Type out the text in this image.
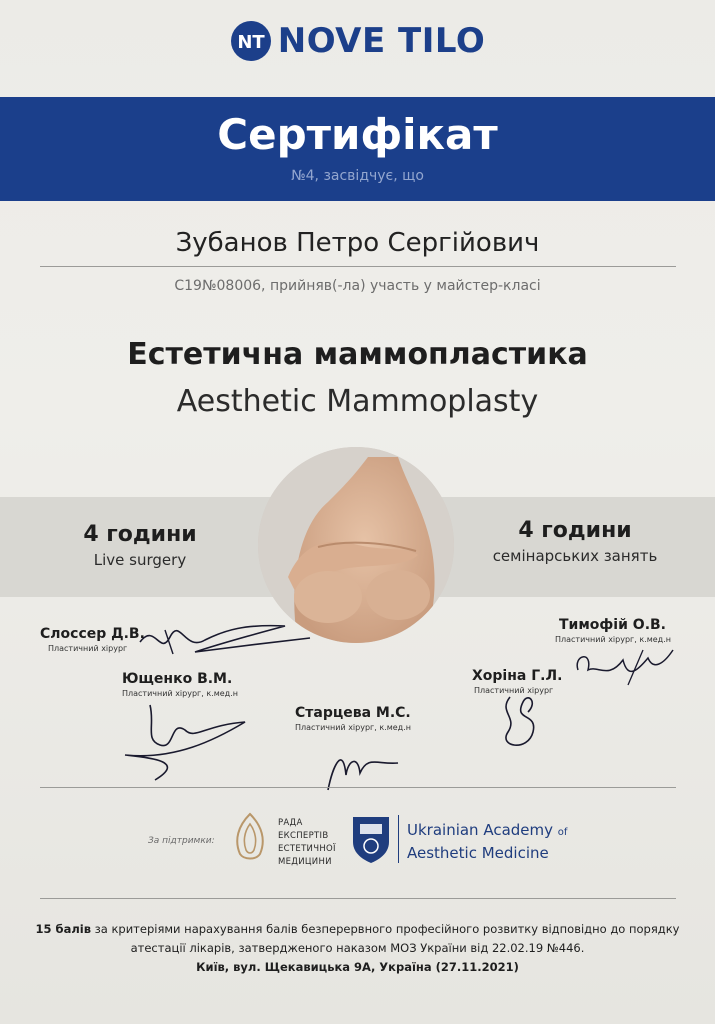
NT NOVE TILO
Сертифікат
№4, засвідчує, що
Зубанов Петро Сергійович
C19№08006, прийняв(-ла) участь у майстер-класі
Естетична маммопластика
Aesthetic Mammoplasty
4 години
Live surgery
4 години
семінарських занять
Слоссер Д.В.
Пластичний хірург
Ющенко В.М.
Пластичний хірург, к.мед.н
Старцева М.С.
Пластичний хірург, к.мед.н
Хоріна Г.Л.
Пластичний хірург
Тимофій О.В.
Пластичний хірург, к.мед.н
За підтримки:
РАДА
ЕКСПЕРТІВ
ЕСТЕТИЧНОЇ
МЕДИЦИНИ
Ukrainian Academy of
Aesthetic Medicine
15 балів за критеріями нарахування балів безперервного професійного розвитку відповідно до порядку
атестації лікарів, затвердженого наказом МОЗ України від 22.02.19 №446.
Київ, вул. Щекавицька 9А, Україна (27.11.2021)
